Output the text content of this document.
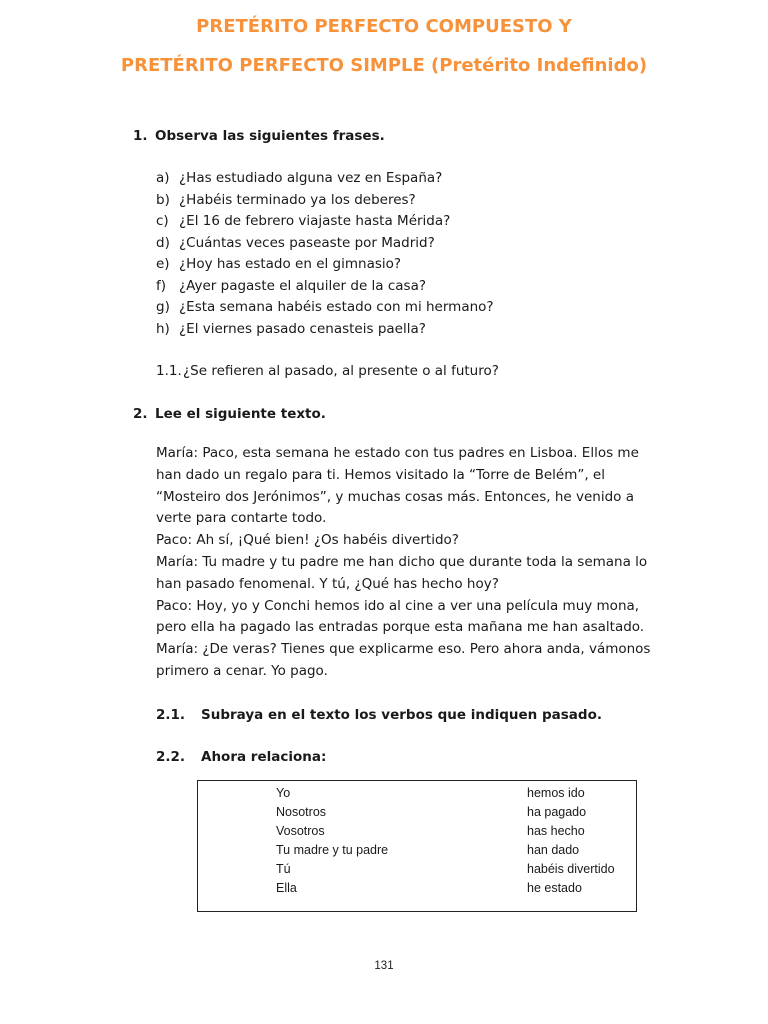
PRETÉRITO PERFECTO COMPUESTO Y
PRETÉRITO PERFECTO SIMPLE (Pretérito Indefinido)
1. Observa las siguientes frases.
a) ¿Has estudiado alguna vez en España?
b) ¿Habéis terminado ya los deberes?
c) ¿El 16 de febrero viajaste hasta Mérida?
d) ¿Cuántas veces paseaste por Madrid?
e) ¿Hoy has estado en el gimnasio?
f) ¿Ayer pagaste el alquiler de la casa?
g) ¿Esta semana habéis estado con mi hermano?
h) ¿El viernes pasado cenasteis paella?
1.1.¿Se refieren al pasado, al presente o al futuro?
2. Lee el siguiente texto.

María: Paco, esta semana he estado con tus padres en Lisboa. Ellos me han dado un regalo para ti. Hemos visitado la “Torre de Belém”, el “Mosteiro dos Jerónimos”, y muchas cosas más. Entonces, he venido a verte para contarte todo.

Paco: Ah sí, ¡Qué bien! ¿Os habéis divertido?

María: Tu madre y tu padre me han dicho que durante toda la semana lo han pasado fenomenal. Y tú, ¿Qué has hecho hoy?

Paco: Hoy, yo y Conchi hemos ido al cine a ver una película muy mona, pero ella ha pagado las entradas porque esta mañana me han asaltado.

María: ¿De veras? Tienes que explicarme eso. Pero ahora anda, vámonos primero a cenar. Yo pago.

2.1. Subraya en el texto los verbos que indiquen pasado.
2.2. Ahora relaciona:
Yo
Nosotros
Vosotros
Tu madre y tu padre
Tú
Ella
hemos ido
ha pagado
has hecho
han dado
habéis divertido
he estado
131
